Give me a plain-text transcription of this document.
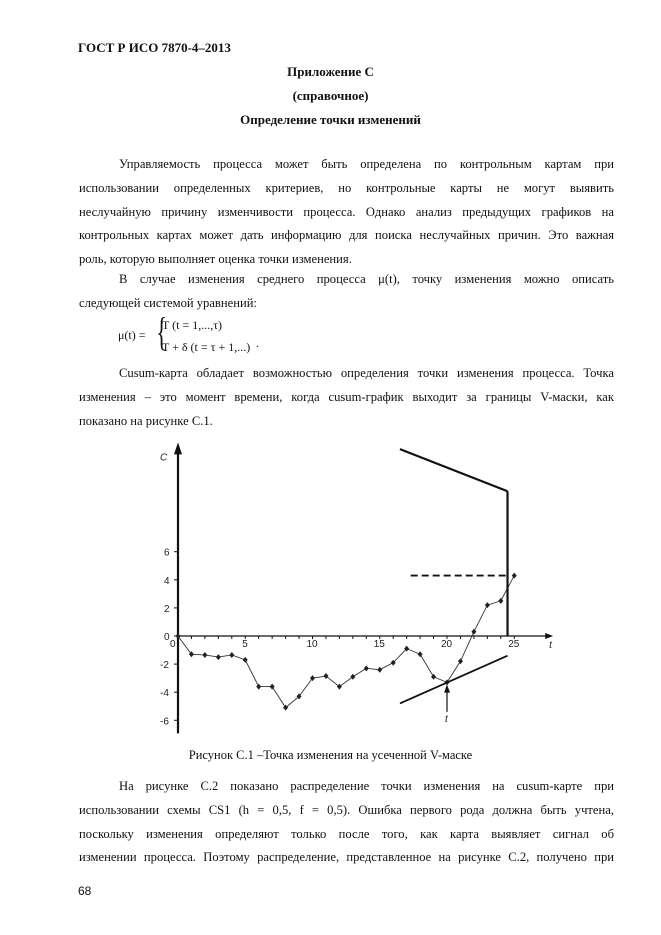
ГОСТ Р ИСО 7870-4–2013
Приложение С
(справочное)
Определение точки изменений
Управляемость процесса может быть определена по контрольным картам при
использовании определенных критериев, но контрольные карты не могут выявить
неслучайную причину изменчивости процесса. Однако анализ предыдущих графиков на
контрольных картах может дать информацию для поиска неслучайных причин. Это важная
роль, которую выполняет оценка точки изменения.
В случае изменения среднего процесса μ(t), точку изменения можно описать
следующей системой уравнений:
μ(t) = {
T (t = 1,...,τ)
T + δ (t = τ + 1,...) .
Cusum-карта обладает возможностью определения точки изменения процесса. Точка
изменения – это момент времени, когда cusum-график выходит за границы V-маски, как
показано на рисунке С.1.
C
t
0	5	10	15	20	25
6
4
2
0
-2
-4
-6	t
Рисунок С.1 –Точка изменения на усеченной V-маске
На рисунке С.2 показано распределение точки изменения на cusum-карте при
использовании схемы CS1 (h = 0,5, f = 0,5). Ошибка первого рода должна быть учтена,
поскольку изменения определяют только после того, как карта выявляет сигнал об
изменении процесса. Поэтому распределение, представленное на рисунке С.2, получено при
68
